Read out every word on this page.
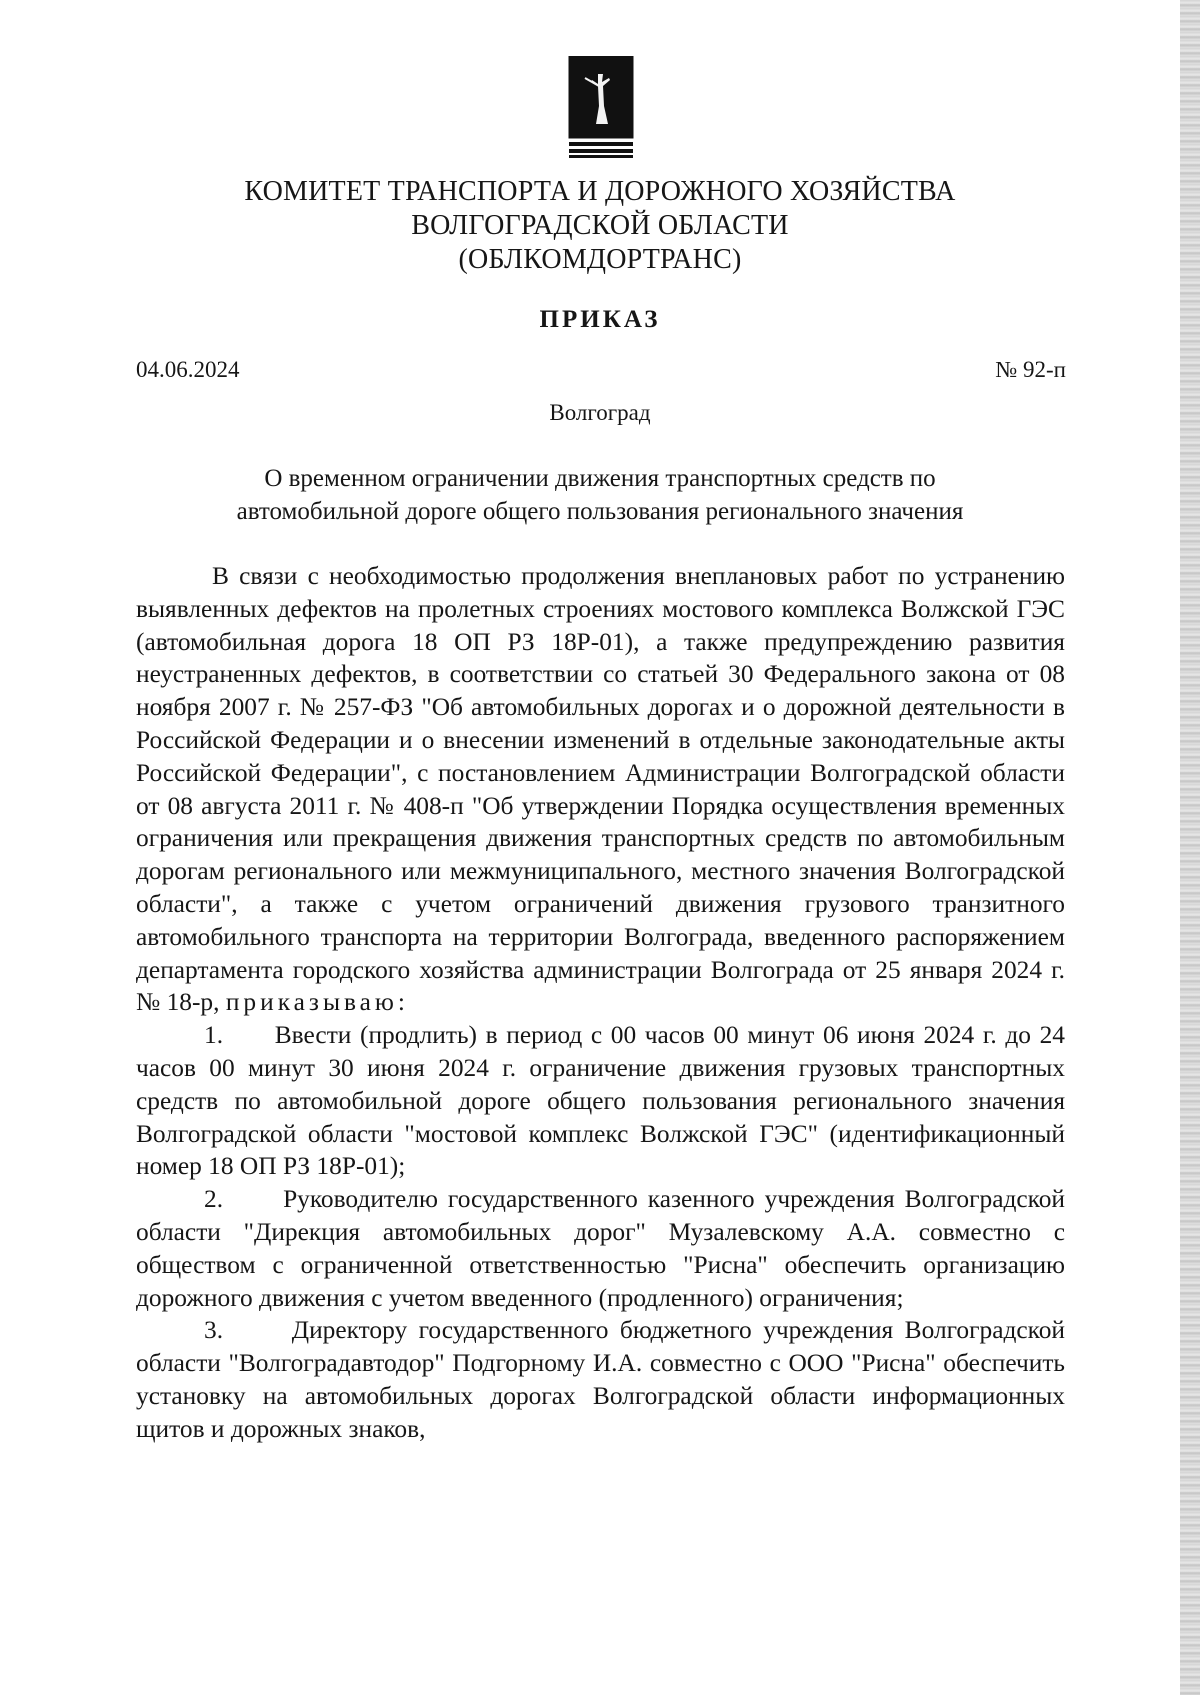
КОМИТЕТ ТРАНСПОРТА И ДОРОЖНОГО ХОЗЯЙСТВА
ВОЛГОГРАДСКОЙ ОБЛАСТИ
(ОБЛКОМДОРТРАНС)
ПРИКАЗ
04.06.2024	№ 92-п
Волгоград
О временном ограничении движения транспортных средств по
автомобильной дороге общего пользования регионального значения

В связи с необходимостью продолжения внеплановых работ по устранению выявленных дефектов на пролетных строениях мостового комплекса Волжской ГЭС (автомобильная дорога 18 ОП РЗ 18Р-01), а также предупреждению развития неустраненных дефектов, в соответствии со статьей 30 Федерального закона от 08 ноября 2007 г. № 257-ФЗ "Об автомобильных дорогах и о дорожной деятельности в Российской Федерации и о внесении изменений в отдельные законодательные акты Российской Федерации", с постановлением Администрации Волгоградской области от 08 августа 2011 г. № 408-п "Об утверждении Порядка осуществления временных ограничения или прекращения движения транспортных средств по автомобильным дорогам регионального или межмуниципального, местного значения Волгоградской области", а также с учетом ограничений движения грузового транзитного автомобильного транспорта на территории Волгограда, введенного распоряжением департамента городского хозяйства администрации Волгограда от 25 января 2024 г. № 18-р, приказываю:

1. Ввести (продлить) в период с 00 часов 00 минут 06 июня 2024 г. до 24 часов 00 минут 30 июня 2024 г. ограничение движения грузовых транспортных средств по автомобильной дороге общего пользования регионального значения Волгоградской области "мостовой комплекс Волжской ГЭС" (идентификационный номер 18 ОП РЗ 18Р-01);

2. Руководителю государственного казенного учреждения Волгоградской области "Дирекция автомобильных дорог" Музалевскому А.А. совместно с обществом с ограниченной ответственностью "Рисна" обеспечить организацию дорожного движения с учетом введенного (продленного) ограничения;

3.	Директору государственного бюджетного учреждения Волгоградской области "Волгоградавтодор" Подгорному И.А. совместно с ООО "Рисна" обеспечить установку на автомобильных дорогах Волгоградской области информационных щитов и дорожных знаков,
